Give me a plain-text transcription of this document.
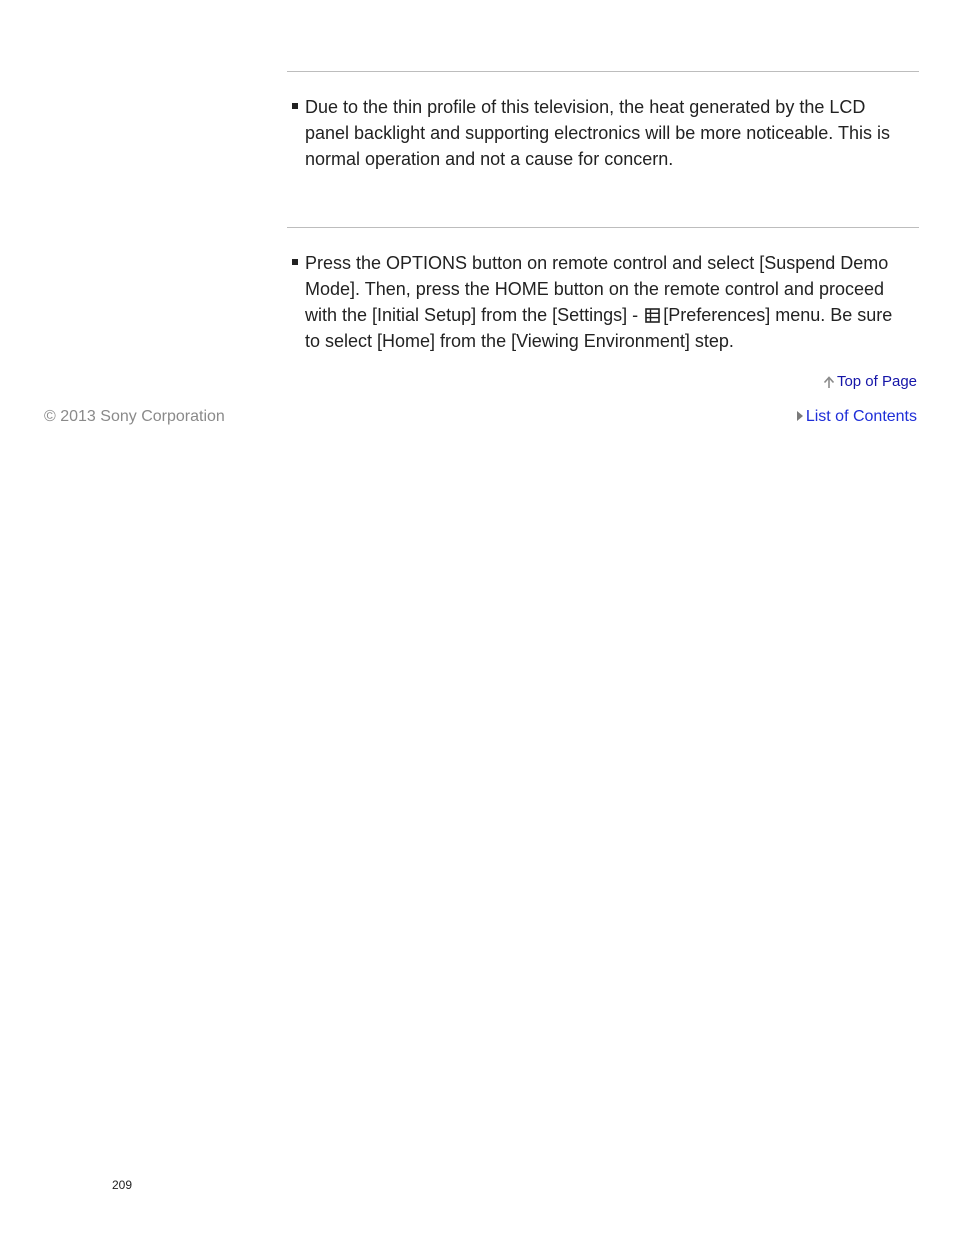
Due to the thin profile of this television, the heat generated by the LCD panel backlight and supporting electronics will be more noticeable. This is normal operation and not a cause for concern.
Press the OPTIONS button on remote control and select [Suspend Demo Mode]. Then, press the HOME button on the remote control and proceed with the [Initial Setup] from the [Settings] - [Preferences] menu. Be sure to select [Home] from the [Viewing Environment] step.
Top of Page
© 2013 Sony Corporation	List of Contents
209
